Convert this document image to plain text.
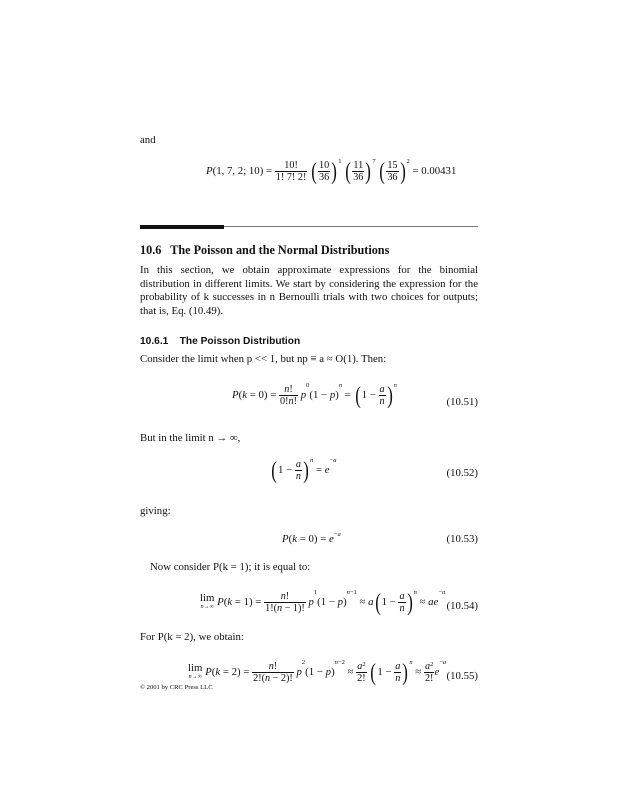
and
P(1, 7, 2; $10) = \frac{10!}{1! 7! 2!}$ ( $\frac{10}{36} )^1$ ( $\frac{11}{36} )^7$ ( $\frac{15}{36} )^2 = 0.00431$
10.6 The Poisson and the Normal Distributions
In this section, we obtain approximate expressions for the binomial distribution in different limits. We start by considering the expression for the probability of k successes in n Bernoulli trials with two choices for outputs; that is, Eq. (10.49).
10.6.1 The Poisson Distribution
Consider the limit when p << 1, but np ≡ a ≈ O(1). Then:
$P(k = 0) = \frac{n!}{0!n!} p^0(1 - p)^n = (1 - \frac{a}{n} )^n$
(10.51)
But in the limit n → ∞,
$(1 - \frac{a}{n} )^n = e^{-a}$
(10.52)
giving:
$P(k = 0) = e^{-a}$	(10.53)
Now consider P(k = 1); it is equal to:
lim
n→∞ $P(k = 1) = \frac{n!}{1!(n - 1)!} p^1(1 - p)^{n-1} \approx a(1 - \frac{a}{n} )^n \approx ae^{-a}$
(10.54)
For P(k = 2), we obtain:
lim
n→∞ $P(k = 2) = \frac{n!}{2!(n - 2)!} p^2(1 - p)^{n-2} \approx \frac{a^2}{2!} (1 - \frac{a}{n} )^n \approx \frac{a^2}{2!} e^{-a}$
(10.55)
© 2001 by CRC Press LLC
